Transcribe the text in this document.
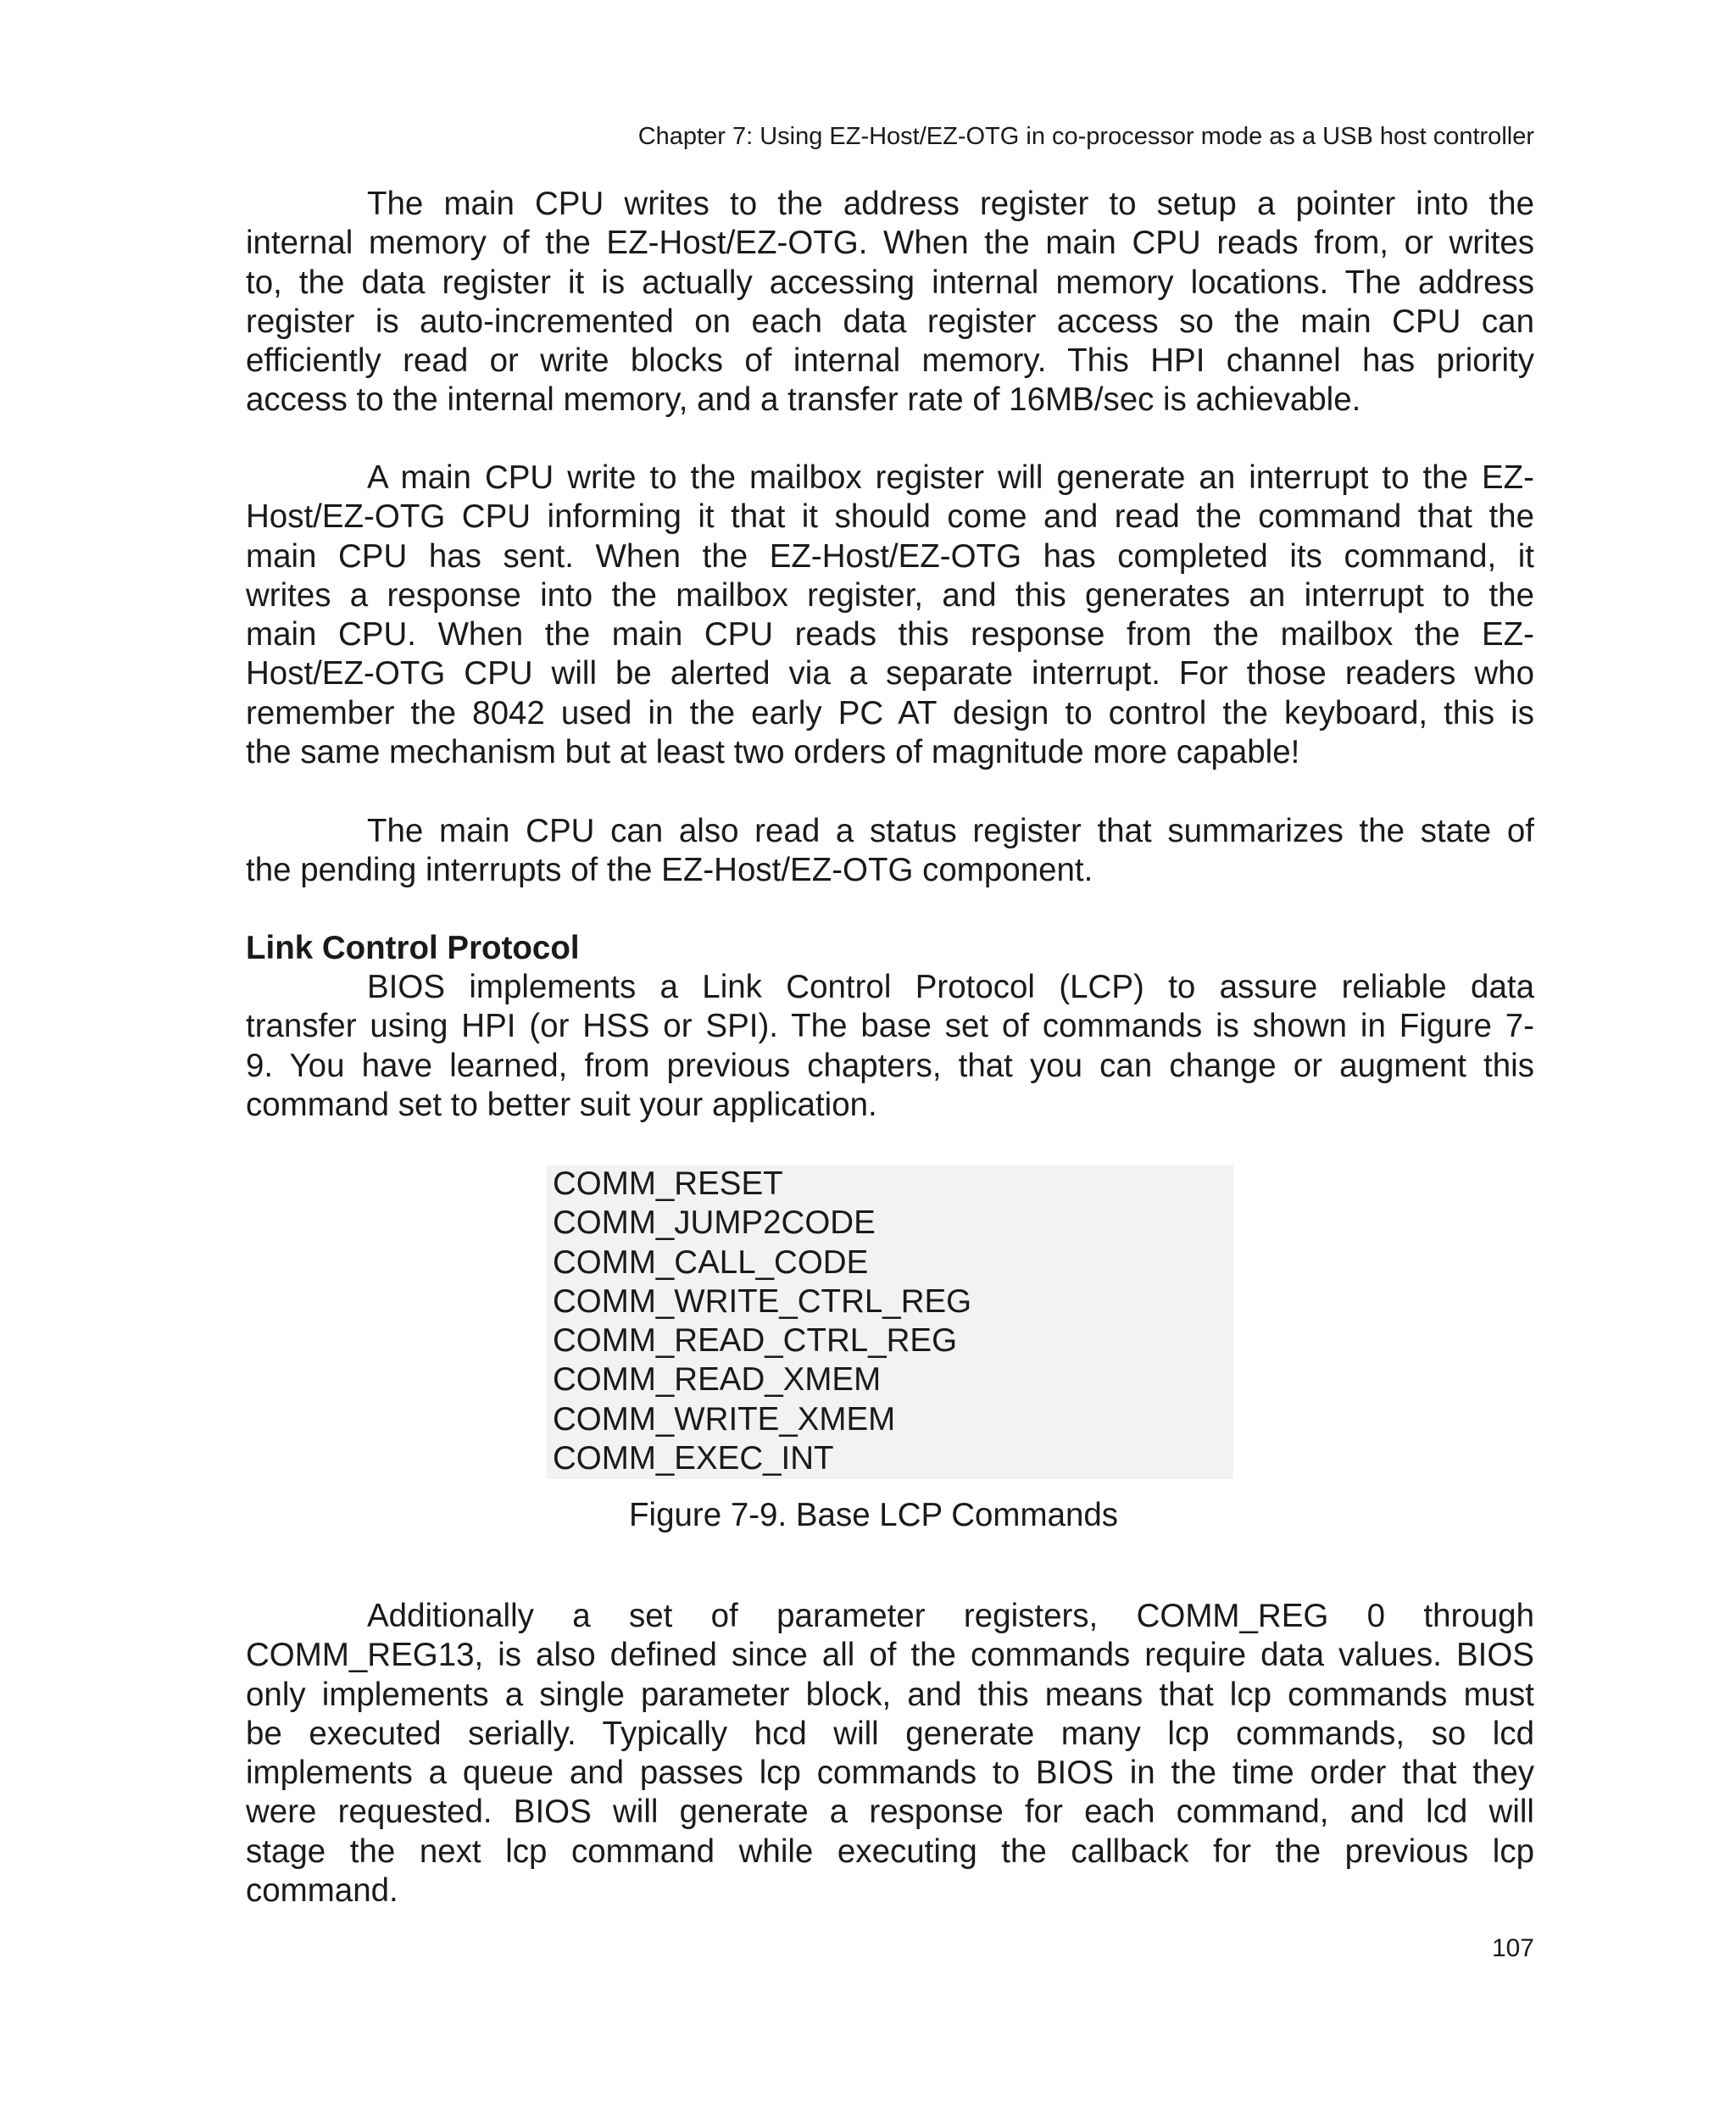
Chapter 7: Using EZ-Host/EZ-OTG in co-processor mode as a USB host controller

The main CPU writes to the address register to setup a pointer into the
internal memory of the EZ-Host/EZ-OTG. When the main CPU reads from, or writes
to, the data register it is actually accessing internal memory locations. The address
register is auto-incremented on each data register access so the main CPU can
efficiently read or write blocks of internal memory. This HPI channel has priority
access to the internal memory, and a transfer rate of 16MB/sec is achievable.

A main CPU write to the mailbox register will generate an interrupt to the EZ-
Host/EZ-OTG CPU informing it that it should come and read the command that the
main CPU has sent. When the EZ-Host/EZ-OTG has completed its command, it
writes a response into the mailbox register, and this generates an interrupt to the
main CPU. When the main CPU reads this response from the mailbox the EZ-
Host/EZ-OTG CPU will be alerted via a separate interrupt. For those readers who
remember the 8042 used in the early PC AT design to control the keyboard, this is
the same mechanism but at least two orders of magnitude more capable!

The main CPU can also read a status register that summarizes the state of
the pending interrupts of the EZ-Host/EZ-OTG component.

Link Control Protocol

BIOS implements a Link Control Protocol (LCP) to assure reliable data
transfer using HPI (or HSS or SPI). The base set of commands is shown in Figure 7-
9. You have learned, from previous chapters, that you can change or augment this
command set to better suit your application.

COMM_RESET
COMM_JUMP2CODE
COMM_CALL_CODE
COMM_WRITE_CTRL_REG
COMM_READ_CTRL_REG
COMM_READ_XMEM
COMM_WRITE_XMEM
COMM_EXEC_INT
Figure 7-9. Base LCP Commands

Additionally a set of parameter registers, COMM_REG 0 through
COMM_REG13, is also defined since all of the commands require data values. BIOS
only implements a single parameter block, and this means that lcp commands must
be executed serially. Typically hcd will generate many lcp commands, so lcd
implements a queue and passes lcp commands to BIOS in the time order that they
were requested. BIOS will generate a response for each command, and lcd will
stage the next lcp command while executing the callback for the previous lcp
command.

107
